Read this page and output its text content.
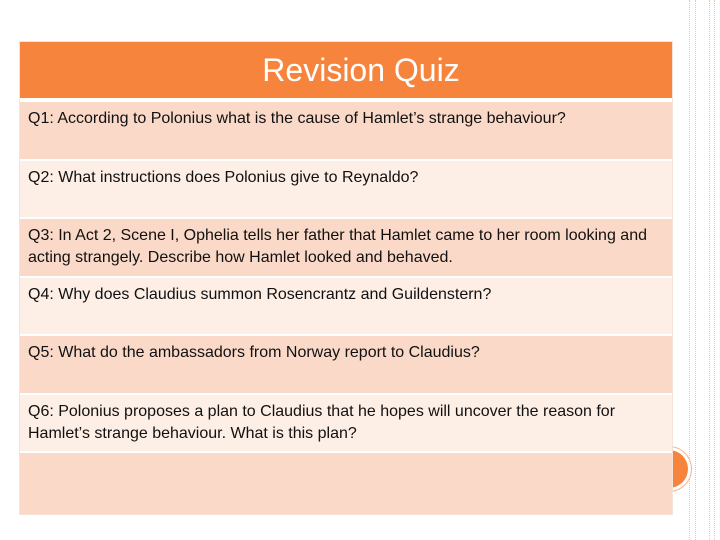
Revision Quiz
Q1: According to Polonius what is the cause of Hamlet’s strange behaviour?
Q2: What instructions does Polonius give to Reynaldo?
Q3: In Act 2, Scene I, Ophelia tells her father that Hamlet came to her room looking and acting strangely. Describe how Hamlet looked and behaved.
Q4: Why does Claudius summon Rosencrantz and Guildenstern?
Q5: What do the ambassadors from Norway report to Claudius?
Q6: Polonius proposes a plan to Claudius that he hopes will uncover the reason for Hamlet’s strange behaviour. What is this plan?
